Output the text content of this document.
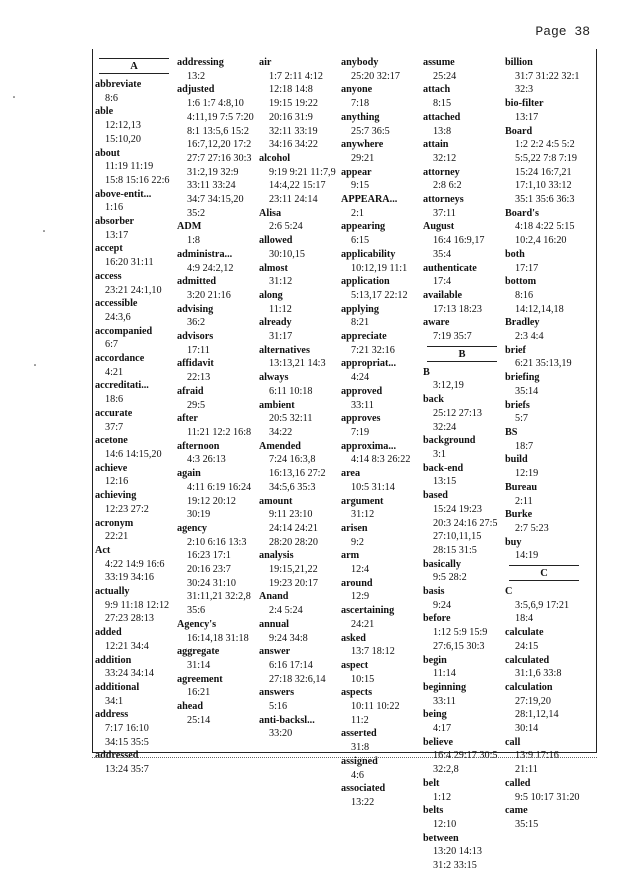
Page 38
A
abbreviate
8:6
able
12:12,13 15:10,20
about
11:19 11:19 15:8 15:16 22:6
above-entit...
1:16
absorber
13:17
accept
16:20 31:11
access
23:21 24:1,10
accessible
24:3,6
accompanied
6:7
accordance
4:21
accreditati...
18:6
accurate
37:7
acetone
14:6 14:15,20
achieve
12:16
achieving
12:23 27:2
acronym
22:21
Act
4:22 14:9 16:6 33:19 34:16
actually
9:9 11:18 12:12 27:23 28:13
added
12:21 34:4
addition
33:24 34:14
additional
34:1
address
7:17 16:10 34:15 35:5
addressed
13:24 35:7
addressing
13:2
adjusted
1:6 1:7 4:8,10 4:11,19 7:5 7:20 8:1 13:5,6 15:2 16:7,12,20 17:2 27:7 27:16 30:3 31:2,19 32:9 33:11 33:24 34:7 34:15,20 35:2
ADM
1:8
administra...
4:9 24:2,12
admitted
3:20 21:16
advising
36:2
advisors
17:11
affidavit
22:13
afraid
29:5
after
11:21 12:2 16:8
afternoon
4:3 26:13
again
4:11 6:19 16:24 19:12 20:12 30:19
agency
2:10 6:16 13:3 16:23 17:1 20:16 23:7 30:24 31:10 31:11,21 32:2,8 35:6
Agency's
16:14,18 31:18
aggregate
31:14
agreement
16:21
ahead
25:14
air
1:7 2:11 4:12 12:18 14:8 19:15 19:22 20:16 31:9 32:11 33:19 34:16 34:22
alcohol
9:19 9:21 11:7,9 14:4,22 15:17 23:11 24:14
Alisa
2:6 5:24
allowed
30:10,15
almost
31:12
along
11:12
already
31:17
alternatives
13:13,21 14:3
always
6:11 10:18
ambient
20:5 32:11 34:22
Amended
7:24 16:3,8 16:13,16 27:2 34:5,6 35:3
amount
9:11 23:10 24:14 24:21 28:20 28:20
analysis
19:15,21,22 19:23 20:17
Anand
2:4 5:24
annual
9:24 34:8
answer
6:16 17:14 27:18 32:6,14
answers
5:16
anti-backsl...
33:20
anybody
25:20 32:17
anyone
7:18
anything
25:7 36:5
anywhere
29:21
appear
9:15
APPEARA...
2:1
appearing
6:15
applicability
10:12,19 11:1
application
5:13,17 22:12
applying
8:21
appreciate
7:21 32:16
appropriat...
4:24
approved
33:11
approves
7:19
approxima...
4:14 8:3 26:22
area
10:5 31:14
argument
31:12
arisen
9:2
arm
12:4
around
12:9
ascertaining
24:21
asked
13:7 18:12
aspect
10:15
aspects
10:11 10:22 11:2
asserted
31:8
assigned
4:6
associated
13:22
assume
25:24
attach
8:15
attached
13:8
attain
32:12
attorney
2:8 6:2
attorneys
37:11
August
16:4 16:9,17 35:4
authenticate
17:4
available
17:13 18:23
aware
7:19 35:7
B
B
3:12,19
back
25:12 27:13 32:24
background
3:1
back-end
13:15
based
15:24 19:23 20:3 24:16 27:5 27:10,11,15 28:15 31:5
basically
9:5 28:2
basis
9:24
before
1:12 5:9 15:9 27:6,15 30:3
begin
11:14
beginning
33:11
being
4:17
believe
16:4 29:17 30:5 32:2,8
belt
1:12
belts
12:10
between
13:20 14:13 31:2 33:15
billion
31:7 31:22 32:1 32:3
bio-filter
13:17
Board
1:2 2:2 4:5 5:2 5:5,22 7:8 7:19 15:24 16:7,21 17:1,10 33:12 35:1 35:6 36:3
Board's
4:18 4:22 5:15 10:2,4 16:20
both
17:17
bottom
8:16 14:12,14,18
Bradley
2:3 4:4
brief
6:21 35:13,19
briefing
35:14
briefs
5:7
BS
18:7
build
12:19
Bureau
2:11
Burke
2:7 5:23
buy
14:19
C
C
3:5,6,9 17:21 18:4
calculate
24:15
calculated
31:1,6 33:8
calculation
27:19,20 28:1,12,14 30:14
call
13:9 17:16 21:11
called
9:5 10:17 31:20
came
35:15
